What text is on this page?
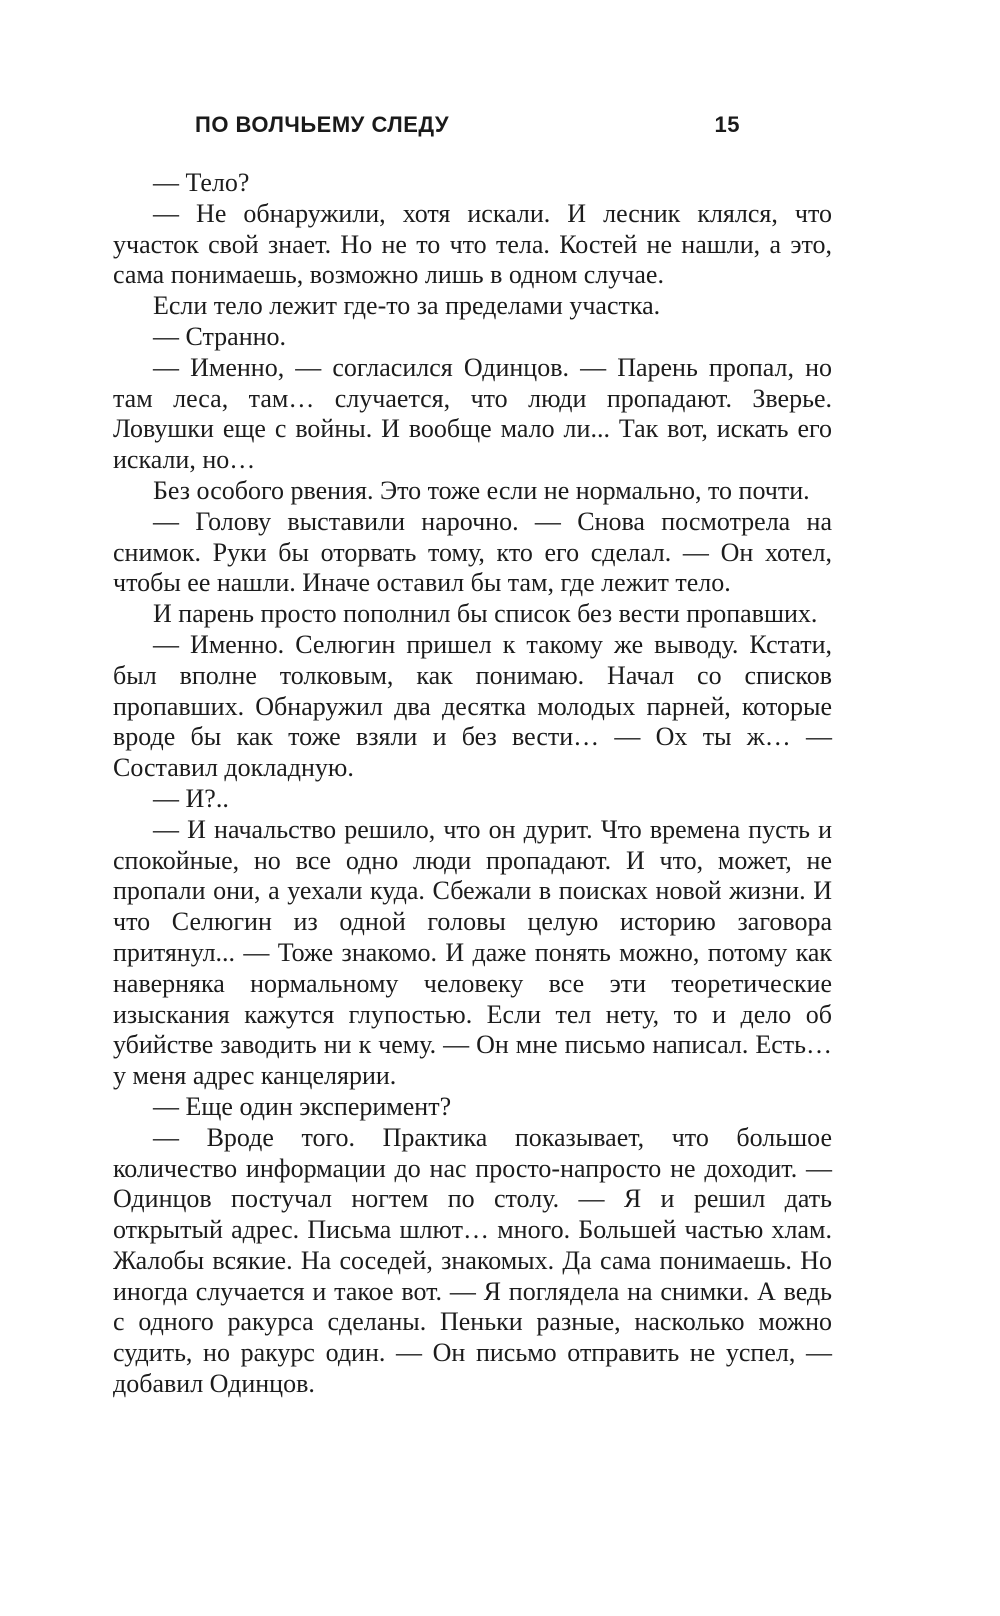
ПО ВОЛЧЬЕМУ СЛЕДУ	15

— Тело?

— Не обнаружили, хотя искали. И лесник клялся, что участок свой знает. Но не то что тела. Костей не нашли, а это, сама понимаешь, возможно лишь в одном случае.

Если тело лежит где-то за пределами участка.

— Странно.

— Именно, — согласился Одинцов. — Парень пропал, но там леса, там… случается, что люди пропадают. Зверье. Ловушки еще с войны. И вообще мало ли... Так вот, искать его искали, но…

Без особого рвения. Это тоже если не нормально, то почти.

— Голову выставили нарочно. — Снова посмотрела на снимок. Руки бы оторвать тому, кто его сделал. — Он хотел, чтобы ее нашли. Иначе оставил бы там, где лежит тело.

И парень просто пополнил бы список без вести пропавших.

— Именно. Селюгин пришел к такому же выводу. Кстати, был вполне толковым, как понимаю. Начал со списков пропавших. Обнаружил два десятка молодых парней, которые вроде бы как тоже взяли и без вести… — Ох ты ж… — Составил докладную.

— И?..

— И начальство решило, что он дурит. Что времена пусть и спокойные, но все одно люди пропадают. И что, может, не пропали они, а уехали куда. Сбежали в поисках новой жизни. И что Селюгин из одной головы целую историю заговора притянул... — Тоже знакомо. И даже понять можно, потому как наверняка нормальному человеку все эти теоретические изыскания кажутся глупостью. Если тел нету, то и дело об убийстве заводить ни к чему. — Он мне письмо написал. Есть… у меня адрес канцелярии.

— Еще один эксперимент?

— Вроде того. Практика показывает, что большое количество информации до нас просто-напросто не доходит. — Одинцов постучал ногтем по столу. — Я и решил дать открытый адрес. Письма шлют… много. Большей частью хлам. Жалобы всякие. На соседей, знакомых. Да сама понимаешь. Но иногда случается и такое вот. — Я поглядела на снимки. А ведь с одного ракурса сделаны. Пеньки разные, насколько можно судить, но ракурс один. — Он письмо отправить не успел, — добавил Одинцов.
